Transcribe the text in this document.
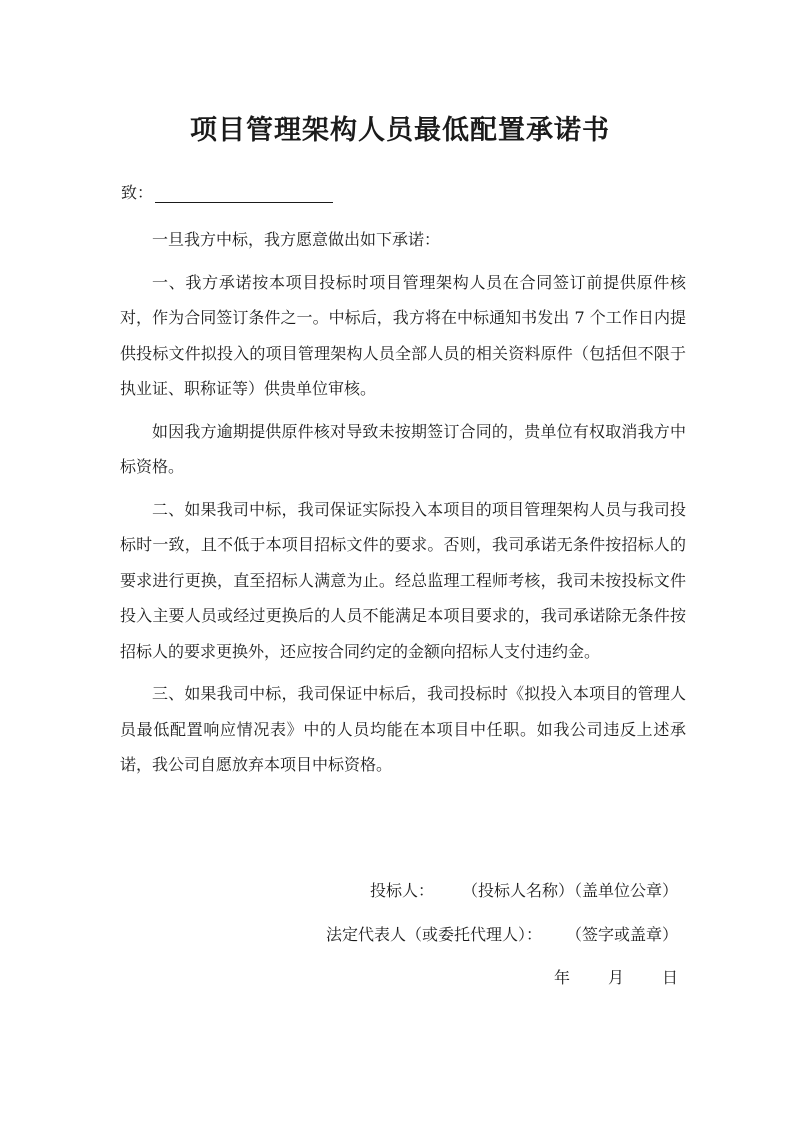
项目管理架构人员最低配置承诺书
致：

一旦我方中标，我方愿意做出如下承诺：

一、我方承诺按本项目投标时项目管理架构人员在合同签订前提供原件核对，作为合同签订条件之一。中标后，我方将在中标通知书发出 7 个工作日内提供投标文件拟投入的项目管理架构人员全部人员的相关资料原件（包括但不限于执业证、职称证等）供贵单位审核。

如因我方逾期提供原件核对导致未按期签订合同的，贵单位有权取消我方中标资格。

二、如果我司中标，我司保证实际投入本项目的项目管理架构人员与我司投标时一致，且不低于本项目招标文件的要求。否则，我司承诺无条件按招标人的要求进行更换，直至招标人满意为止。经总监理工程师考核，我司未按投标文件投入主要人员或经过更换后的人员不能满足本项目要求的，我司承诺除无条件按招标人的要求更换外，还应按合同约定的金额向招标人支付违约金。

三、如果我司中标，我司保证中标后，我司投标时《拟投入本项目的管理人员最低配置响应情况表》中的人员均能在本项目中任职。如我公司违反上述承诺，我公司自愿放弃本项目中标资格。

投标人： （投标人名称）（盖单位公章）
法定代表人（或委托代理人）： （签字或盖章）
年 月 日
